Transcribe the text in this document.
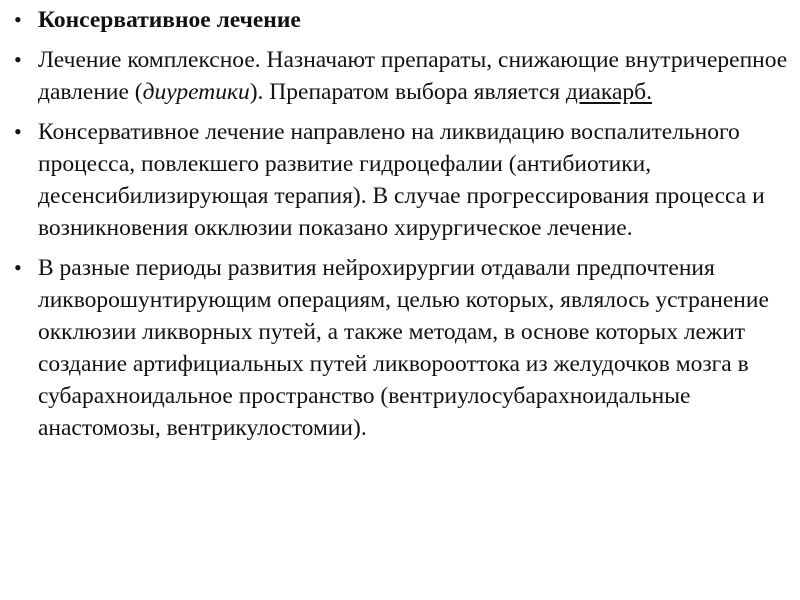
• Консервативное лечение
• Лечение комплексное. Назначают препараты, снижающие внутричерепное давление (диуретики). Препаратом выбора является диакарб.
• Консервативное лечение направлено на ликвидацию воспалительного процесса, повлекшего развитие гидроцефалии (антибиотики, десенсибилизирующая терапия). В случае прогрессирования процесса и возникновения окклюзии показано хирургическое лечение.
• В разные периоды развития нейрохирургии отдавали предпочтения ликворошунтирующим операциям, целью которых, являлось устранение окклюзии ликворных путей, а также методам, в основе которых лежит создание артифициальных путей ликворооттока из желудочков мозга в субарахноидальное пространство (вентриулосубарахноидальные анастомозы, вентрикулостомии).
